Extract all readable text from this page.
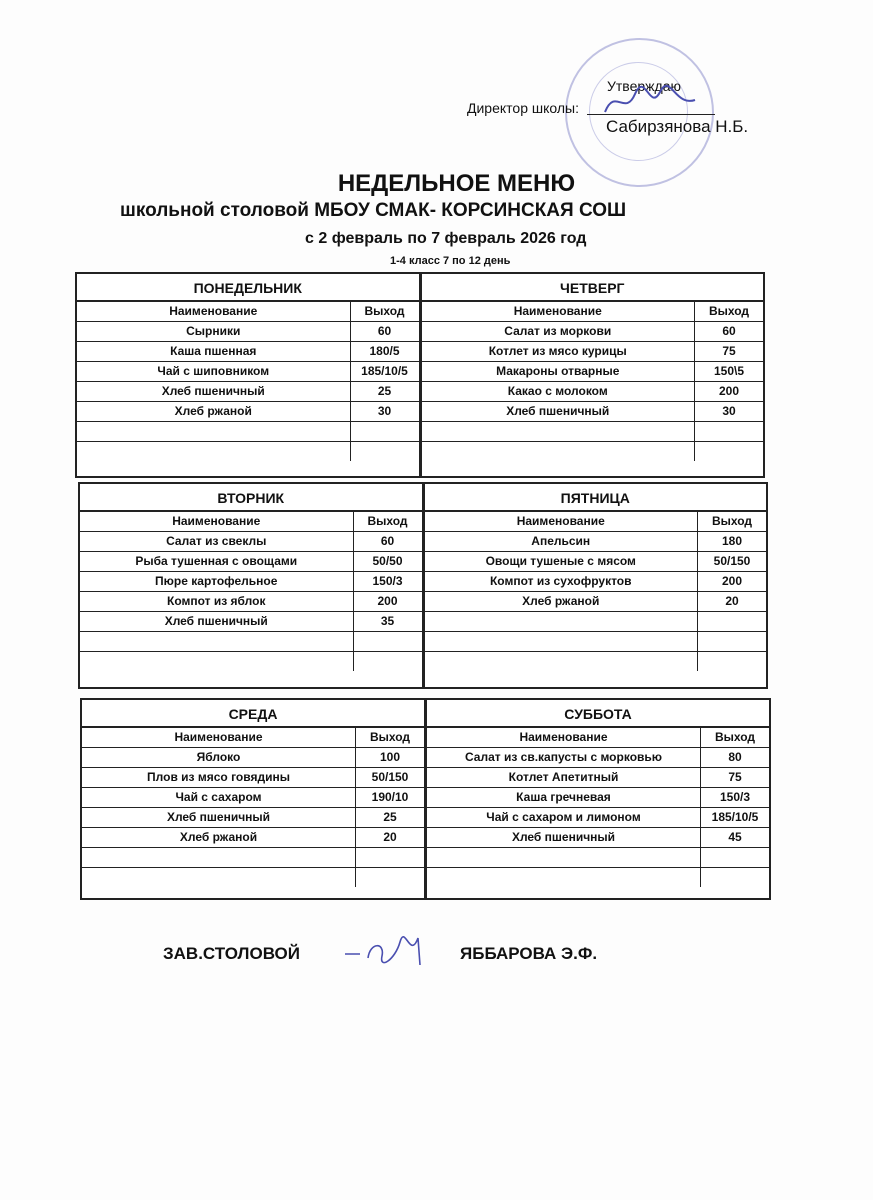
Утверждаю
Директор школы:
Сабирзянова Н.Б.
НЕДЕЛЬНОЕ МЕНЮ
школьной столовой МБОУ СМАК- КОРСИНСКАЯ СОШ
с 2 февраль по 7 февраль 2026 год
1-4 класс 7 по 12 день
ПОНЕДЕЛЬНИК
Наименование	Выход
Сырники	60
Каша пшенная	180/5
Чай с шиповником	185/10/5
Хлеб пшеничный	25
Хлеб ржаной	30
ЧЕТВЕРГ
Наименование	Выход
Салат из моркови	60
Котлет из мясо курицы	75
Макароны отварные	150\5
Какао с молоком	200
Хлеб пшеничный	30
ВТОРНИК
Наименование	Выход
Салат из свеклы	60
Рыба тушенная с овощами	50/50
Пюре картофельное	150/3
Компот из яблок	200
Хлеб пшеничный	35
ПЯТНИЦА
Наименование	Выход
Апельсин	180
Овощи тушеные с мясом	50/150
Компот из сухофруктов	200
Хлеб ржаной	20
СРЕДА
Наименование	Выход
Яблоко	100
Плов из мясо говядины	50/150
Чай с сахаром	190/10
Хлеб пшеничный	25
Хлеб ржаной	20
СУББОТА
Наименование	Выход
Салат из св.капусты с морковью	80
Котлет Апетитный	75
Каша гречневая	150/3
Чай с сахаром и лимоном	185/10/5
Хлеб пшеничный	45
ЗАВ.СТОЛОВОЙ	ЯББАРОВА Э.Ф.
